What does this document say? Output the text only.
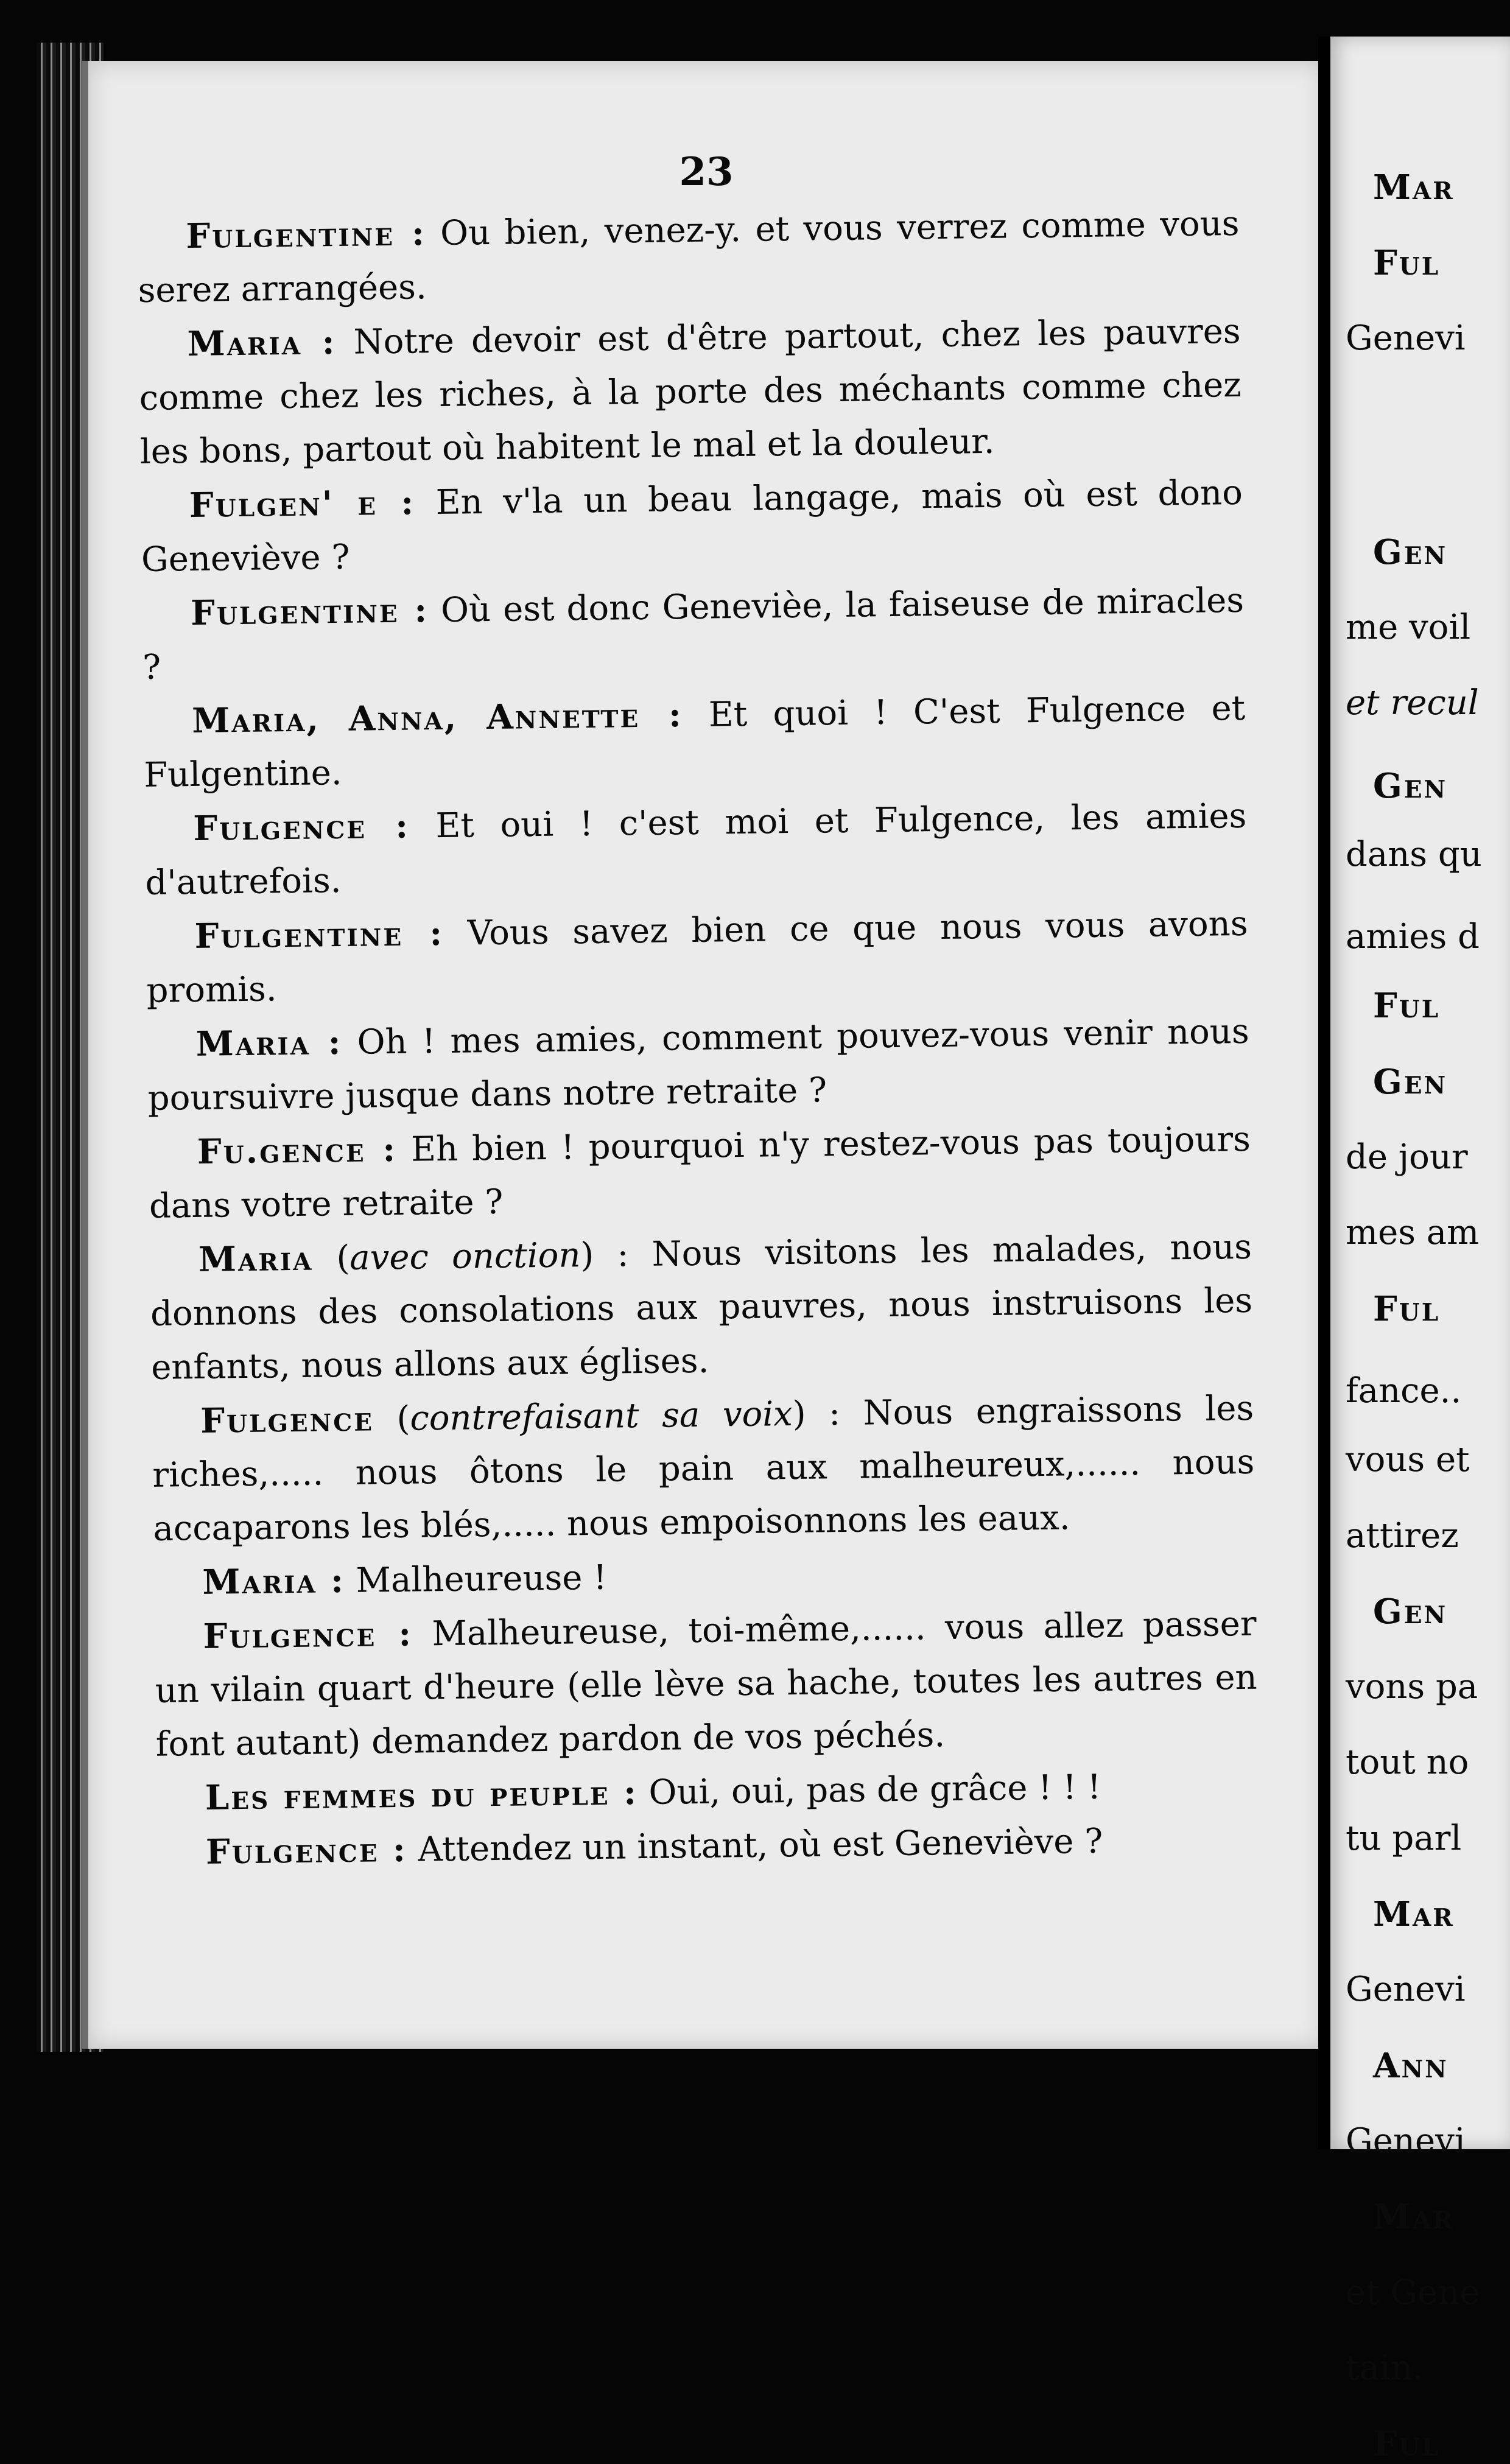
23

Fulgentine : Ou bien, venez-y. et vous verrez comme vous serez arrangées.

Maria : Notre devoir est d'être partout, chez les pauvres comme chez les riches, à la porte des méchants comme chez les bons, partout où habitent le mal et la douleur.

Fulgen' e : En v'la un beau langage, mais où est dono Geneviève ?

Fulgentine : Où est donc Genevièe, la faiseuse de miracles ?

Maria, Anna, Annette : Et quoi ! C'est Fulgence et Fulgentine.

Fulgence : Et oui ! c'est moi et Fulgence, les amies d'autrefois.

Fulgentine : Vous savez bien ce que nous vous avons promis.

Maria : Oh ! mes amies, comment pouvez-vous venir nous poursuivre jusque dans notre retraite ?

Fu.gence : Eh bien ! pourquoi n'y restez-vous pas toujours dans votre retraite ?

Maria (avec onction) : Nous visitons les malades, nous donnons des consolations aux pauvres, nous instruisons les enfants, nous allons aux églises.

Fulgence (contrefaisant sa voix) : Nous engraissons les riches,..... nous ôtons le pain aux malheureux,...... nous accaparons les blés,..... nous empoisonnons les eaux.

Maria : Malheureuse !

Fulgence : Malheureuse, toi-même,...... vous allez passer un vilain quart d'heure (elle lève sa hache, toutes les autres en font autant) demandez pardon de vos péchés.

Les femmes du peuple : Oui, oui, pas de grâce ! ! !

Fulgence : Attendez un instant, où est Geneviève ?

Mar
Ful
Genevi
Gen
me voil
et recul
Gen
dans qu
amies d
Ful
Gen
de jour
mes am
Ful
fance..
vous et
attirez
Gen
vons pa
tout no
tu parl
Mar
Genevi
Ann
Genevi
Mar
et Gene
tain.
Ful
